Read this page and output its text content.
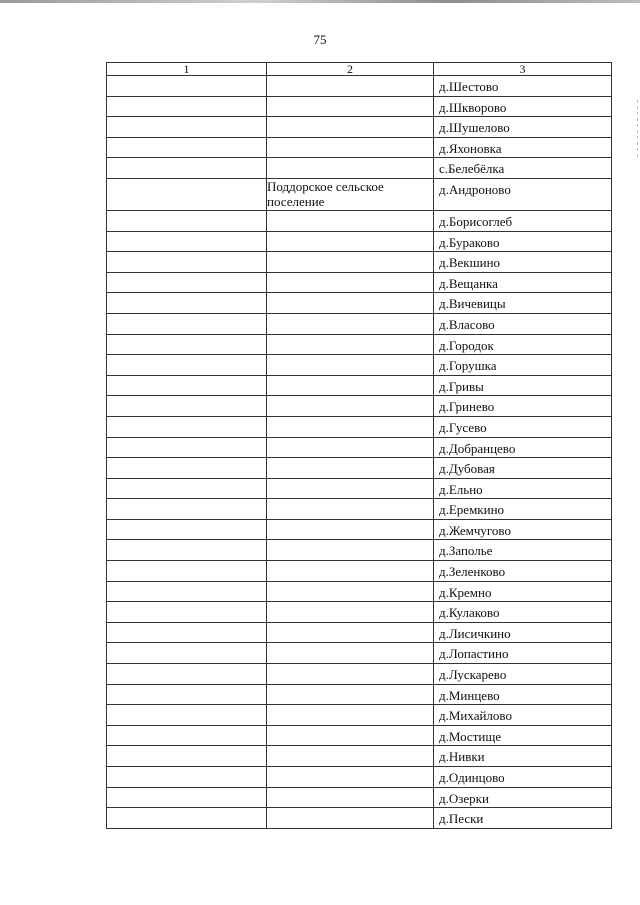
75
1	2	3
		д.Шестово
		д.Шкворово
		д.Шушелово
		д.Яхоновка
		с.Белебёлка
	Поддорское сельское поселение	д.Андроново
		д.Борисоглеб
		д.Бураково
		д.Векшино
		д.Вещанка
		д.Вичевицы
		д.Власово
		д.Городок
		д.Горушка
		д.Гривы
		д.Гринево
		д.Гусево
		д.Добранцево
		д.Дубовая
		д.Ельно
		д.Еремкино
		д.Жемчугово
		д.Заполье
		д.Зеленково
		д.Кремно
		д.Кулаково
		д.Лисичкино
		д.Лопастино
		д.Лускарево
		д.Минцево
		д.Михайлово
		д.Мостище
		д.Нивки
		д.Одинцово
		д.Озерки
		д.Пески
